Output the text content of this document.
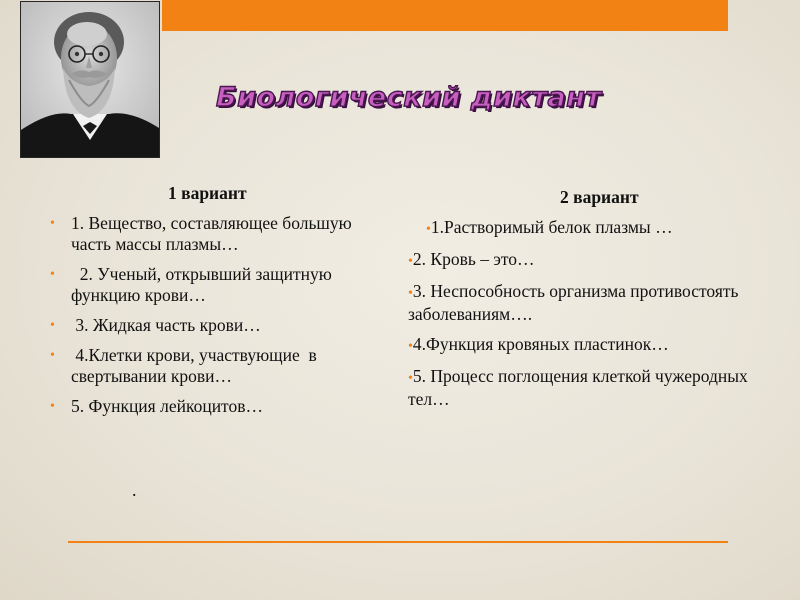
Биологический диктант
1 вариант
• 1. Вещество, составляющее большую часть массы плазмы…
• 2. Ученый, открывший защитную функцию крови…
• 3. Жидкая часть крови…
• 4.Клетки крови, участвующие  в свертывании крови…
• 5. Функция лейкоцитов…
.
2 вариант
•1.Растворимый белок плазмы …
•2. Кровь – это…
•3. Неспособность организма противостоять заболеваниям….
•4.Функция кровяных пластинок…
•5. Процесс поглощения клеткой чужеродных тел…
